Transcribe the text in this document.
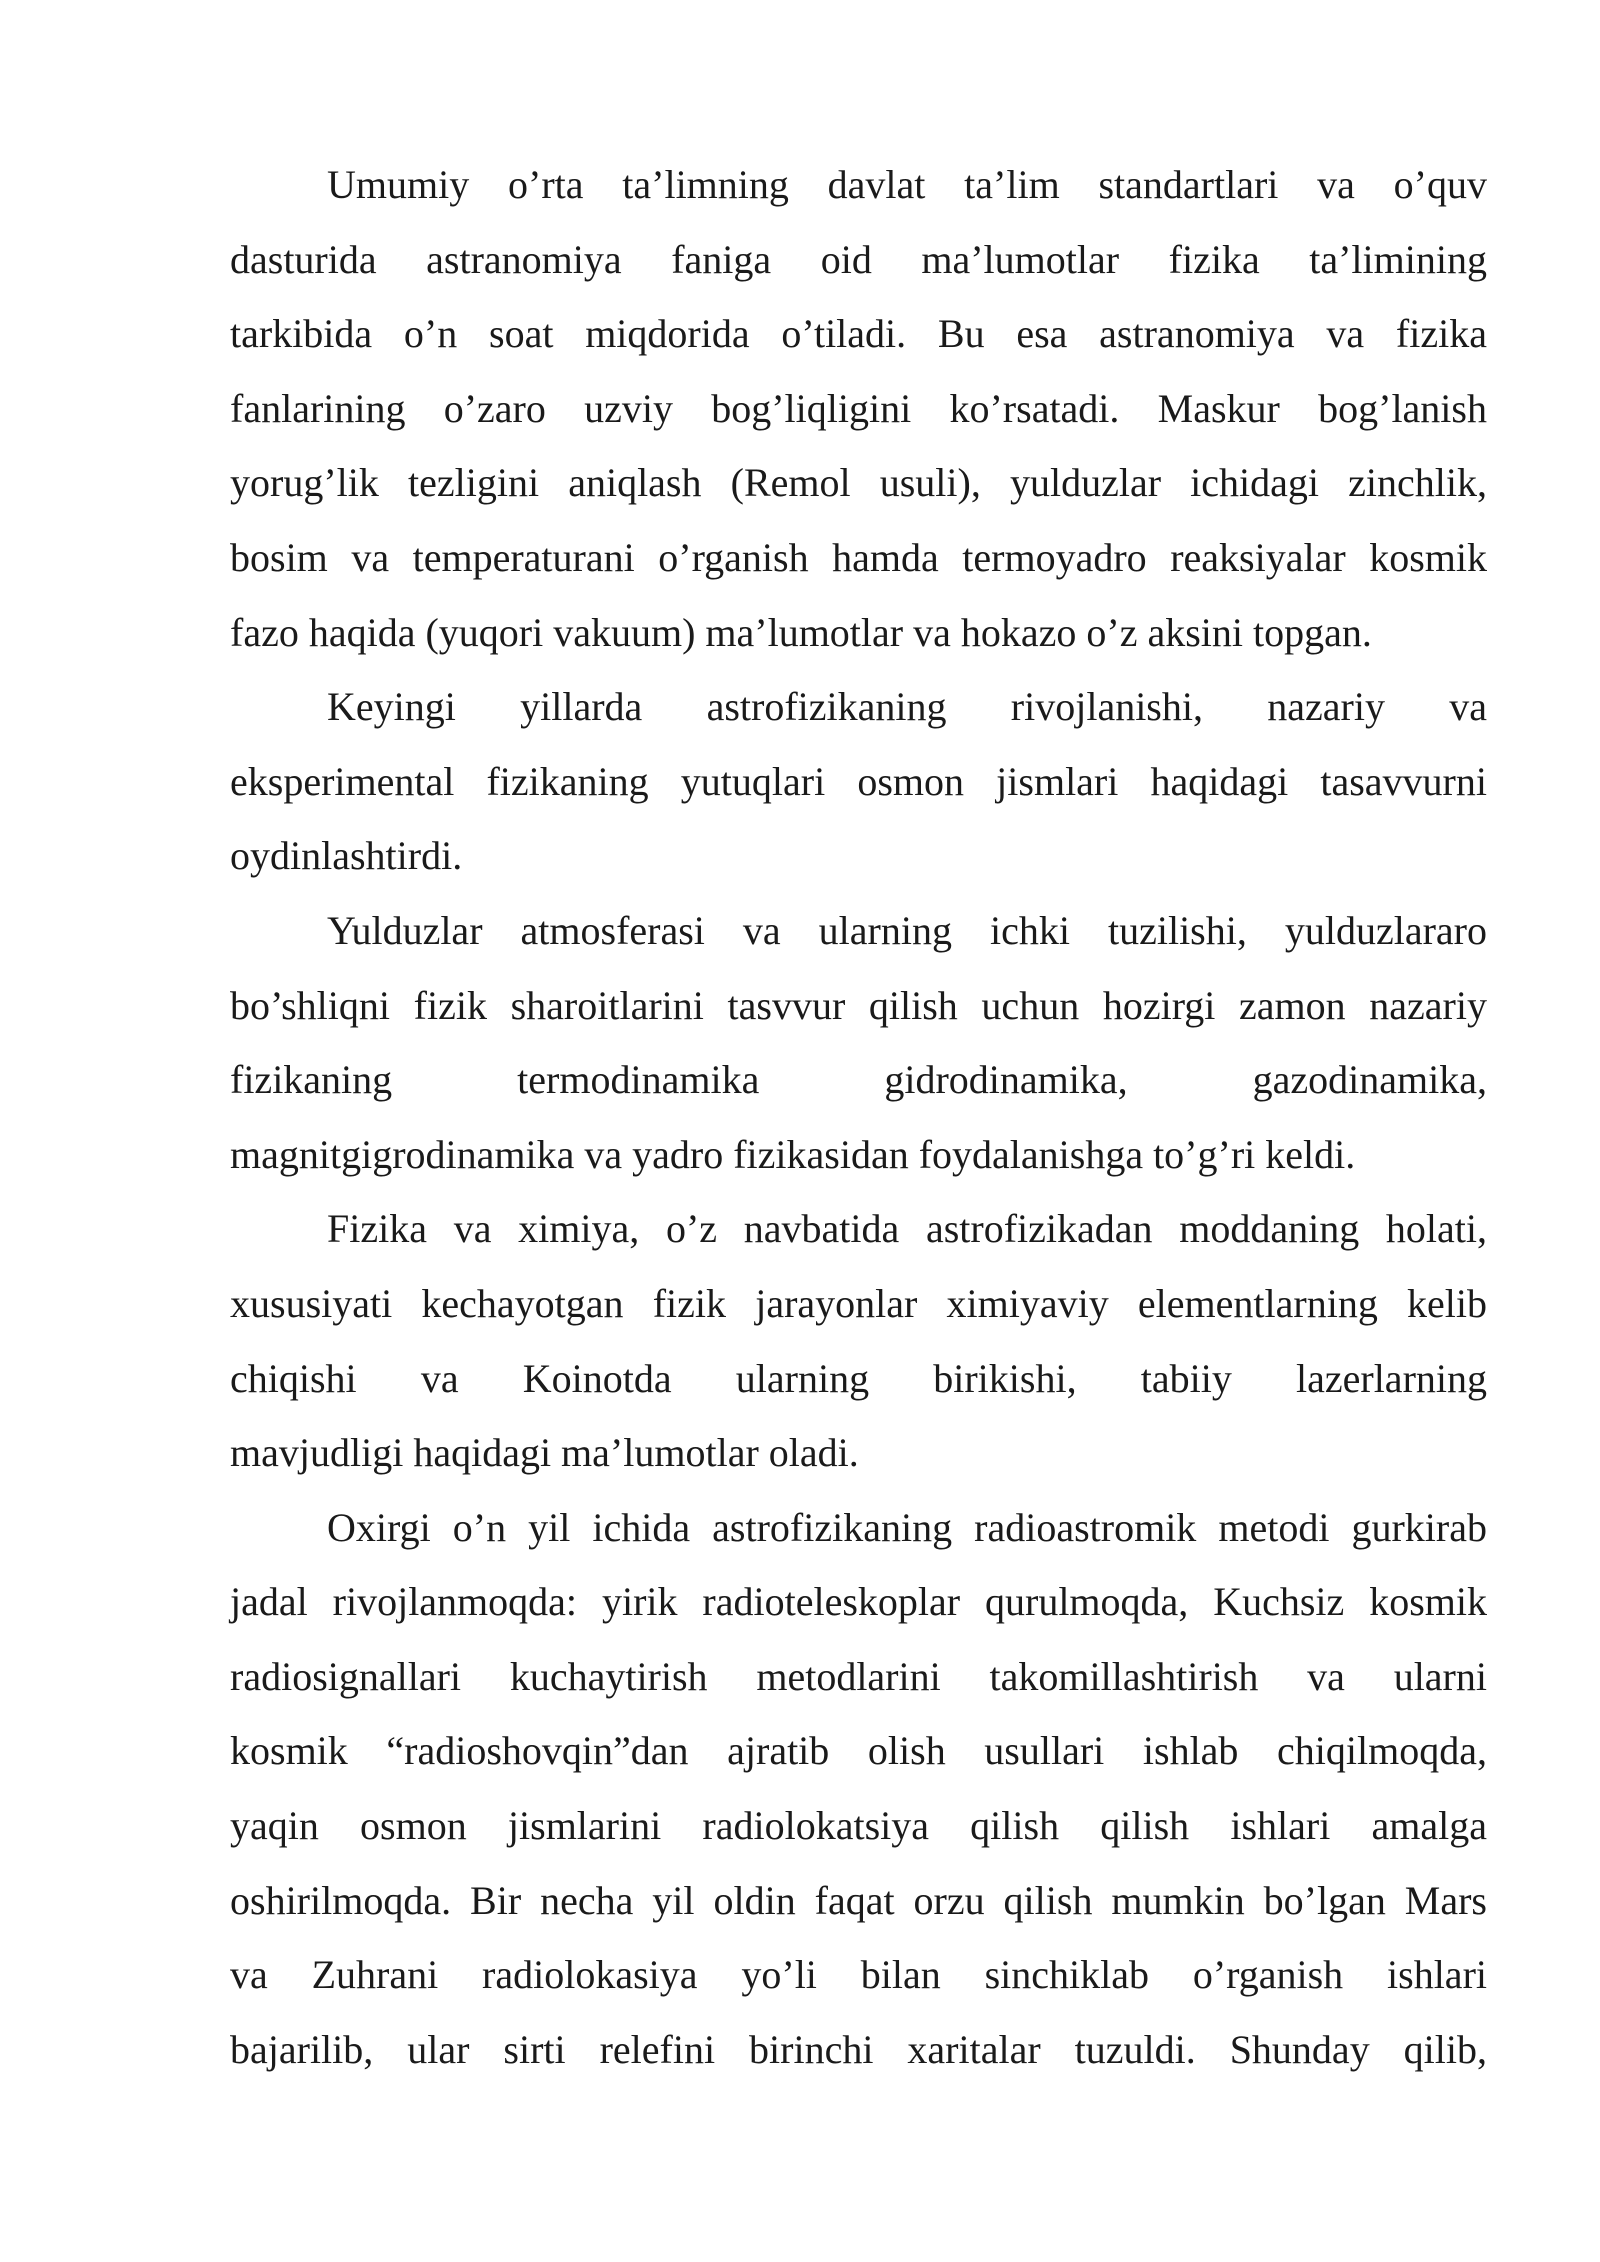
Umumiy o’rta ta’limning davlat ta’lim standartlari va o’quv
dasturida astranomiya faniga oid ma’lumotlar fizika ta’limining
tarkibida o’n soat miqdorida o’tiladi. Bu esa astranomiya va fizika
fanlarining o’zaro uzviy bog’liqligini ko’rsatadi. Maskur bog’lanish
yorug’lik tezligini aniqlash (Remol usuli), yulduzlar ichidagi zinchlik,
bosim va temperaturani o’rganish hamda termoyadro reaksiyalar kosmik
fazo haqida (yuqori vakuum) ma’lumotlar va hokazo o’z aksini topgan.
Keyingi yillarda astrofizikaning rivojlanishi, nazariy va
eksperimental fizikaning yutuqlari osmon jismlari haqidagi tasavvurni
oydinlashtirdi.
Yulduzlar atmosferasi va ularning ichki tuzilishi, yulduzlararo
bo’shliqni fizik sharoitlarini tasvvur qilish uchun hozirgi zamon nazariy
fizikaning termodinamika gidrodinamika, gazodinamika,
magnitgigrodinamika va yadro fizikasidan foydalanishga to’g’ri keldi.
Fizika va ximiya, o’z navbatida astrofizikadan moddaning holati,
xususiyati kechayotgan fizik jarayonlar ximiyaviy elementlarning kelib
chiqishi va Koinotda ularning birikishi, tabiiy lazerlarning
mavjudligi haqidagi ma’lumotlar oladi.
Oxirgi o’n yil ichida astrofizikaning radioastromik metodi gurkirab
jadal rivojlanmoqda: yirik radioteleskoplar qurulmoqda, Kuchsiz kosmik
radiosignallari kuchaytirish metodlarini takomillashtirish va ularni
kosmik “radioshovqin”dan ajratib olish usullari ishlab chiqilmoqda,
yaqin osmon jismlarini radiolokatsiya qilish qilish ishlari amalga
oshirilmoqda. Bir necha yil oldin faqat orzu qilish mumkin bo’lgan Mars
va Zuhrani radiolokasiya yo’li bilan sinchiklab o’rganish ishlari
bajarilib, ular sirti relefini birinchi xaritalar tuzuldi. Shunday qilib,
